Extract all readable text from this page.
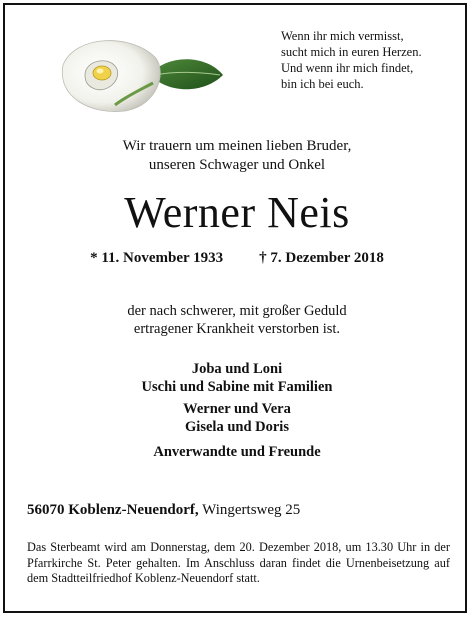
Wenn ihr mich vermisst,
sucht mich in euren Herzen.
Und wenn ihr mich findet,
bin ich bei euch.
Wir trauern um meinen lieben Bruder,
unseren Schwager und Onkel
Werner Neis
* 11. November 1933 † 7. Dezember 2018
der nach schwerer, mit großer Geduld
ertragener Krankheit verstorben ist.
Joba und Loni
Uschi und Sabine mit Familien
Werner und Vera
Gisela und Doris
Anverwandte und Freunde
56070 Koblenz-Neuendorf, Wingertsweg 25
Das Sterbeamt wird am Donnerstag, dem 20. Dezember 2018, um 13.30 Uhr in der Pfarrkirche St. Peter gehalten. Im Anschluss daran findet die Urnenbeisetzung auf dem Stadtteilfriedhof Koblenz-Neuendorf statt.
